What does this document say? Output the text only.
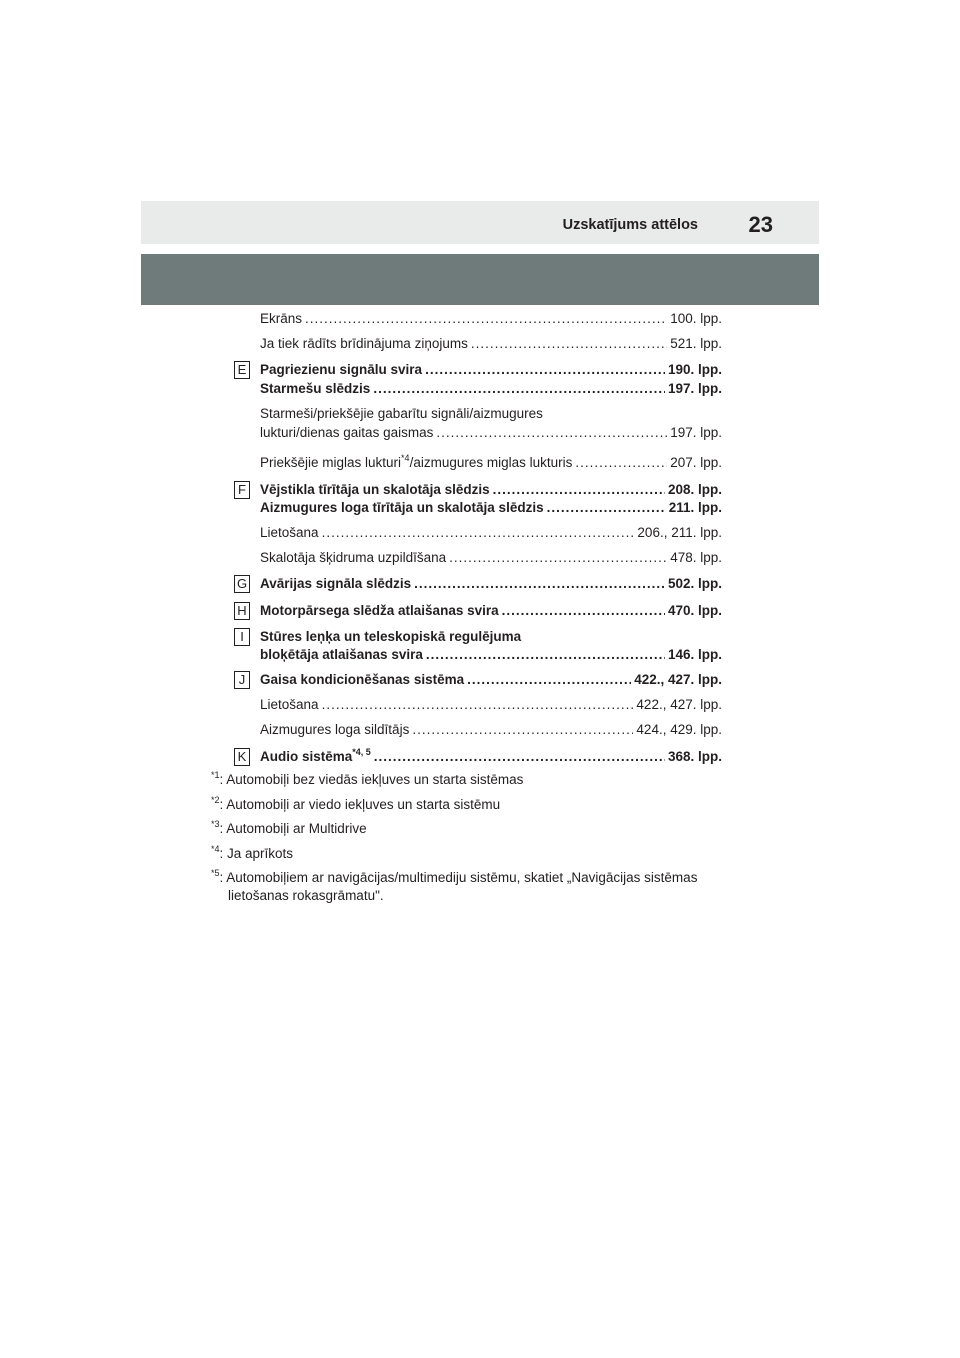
Uzskatījums attēlos 23
Ekrāns .....	100. lpp.
Ja tiek rādīts brīdinājuma ziņojums .....	521. lpp.
E Pagriezienu signālu svira .....	190. lpp.
Starmešu slēdzis .....	197. lpp.
Starmeši/priekšējie gabarītu signāli/aizmugures
lukturi/dienas gaitas gaismas .....	197. lpp.
Priekšējie miglas lukturi$^{*4}$/aizmugures miglas lukturis .....	207. lpp.
F Vējstikla tīrītāja un skalotāja slēdzis .....	208. lpp.
Aizmugures loga tīrītāja un skalotāja slēdzis .....	211. lpp.
Lietošana .....	206., 211. lpp.
Skalotāja šķidruma uzpildīšana .....	478. lpp.
G Avārijas signāla slēdzis .....	502. lpp.
H Motorpārsega slēdža atlaišanas svira .....	470. lpp.
I	Stūres leņķa un teleskopiskā regulējuma
bloķētāja atlaišanas svira .....	146. lpp.
J	Gaisa kondicionēšanas sistēma .....	422., 427. lpp.
Lietošana .....	422., 427. lpp.
Aizmugures loga sildītājs .....	424., 429. lpp.
K Audio sistēma$^{*4, 5}$ .....	368. lpp.
$^{*1}$: Automobiļi bez viedās iekļuves un starta sistēmas
$^{*2}$: Automobiļi ar viedo iekļuves un starta sistēmu
$^{*3}$: Automobiļi ar Multidrive
$^{*4}$: Ja aprīkots
$^{*5}$: Automobiļiem ar navigācijas/multimediju sistēmu, skatiet „Navigācijas sistēmas
lietošanas rokasgrāmatu".
